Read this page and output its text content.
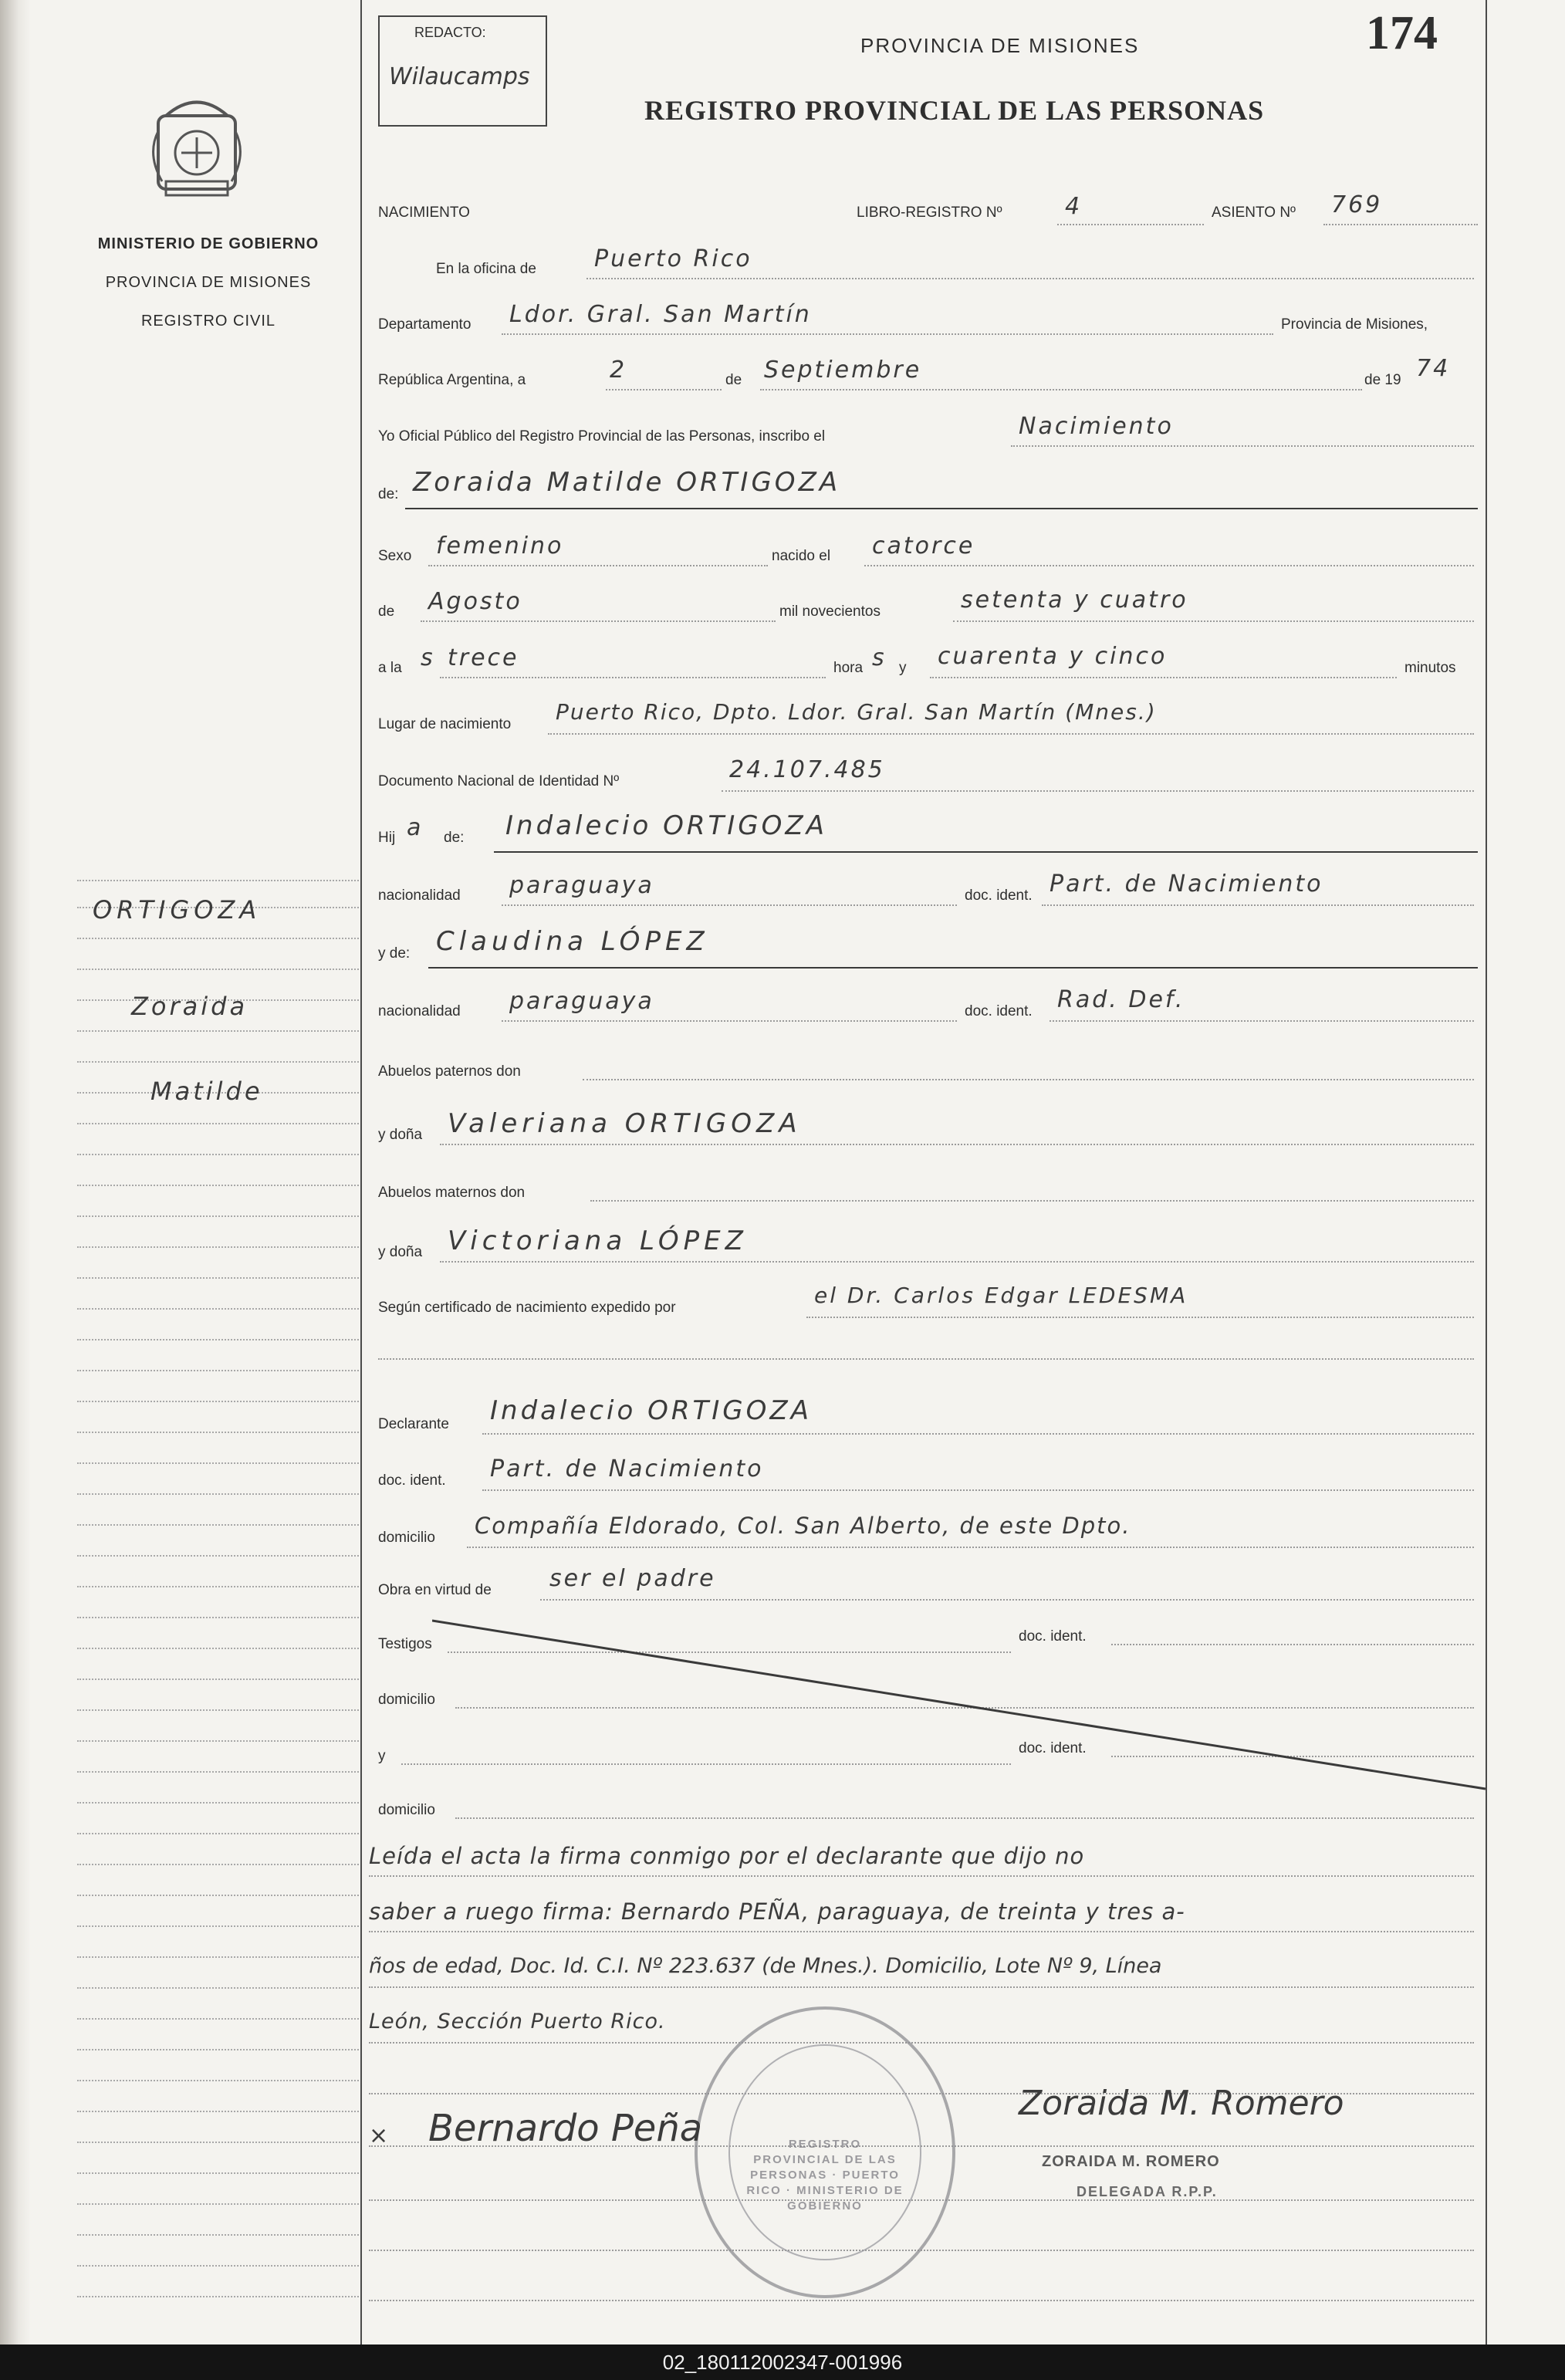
MINISTERIO DE GOBIERNO
PROVINCIA DE MISIONES
REGISTRO CIVIL
ORTIGOZA
Zoraida
Matilde
REDACTO:
Wilaucamps
PROVINCIA DE MISIONES
REGISTRO PROVINCIAL DE LAS PERSONAS
174
NACIMIENTO	LIBRO-REGISTRO Nº	4	ASIENTO Nº 769
En la oficina de	Puerto Rico
Departamento Ldor. Gral. San Martín	Provincia de Misiones,
República Argentina, a	2	de Septiembre	de 19 74
Yo Oficial Público del Registro Provincial de las Personas, inscribo el	Nacimiento
de: Zoraida Matilde ORTIGOZA
Sexo femenino	nacido el catorce
de Agosto	mil novecientos	setenta y cuatro
a la s trece	hora s y cuarenta y cinco	minutos
Lugar de nacimiento Puerto Rico, Dpto. Ldor. Gral. San Martín (Mnes.)
Documento Nacional de Identidad Nº	24.107.485
Hij a de: Indalecio ORTIGOZA
nacionalidad paraguaya	doc. ident. Part. de Nacimiento
y de: Claudina LÓPEZ
nacionalidad paraguaya	doc. ident. Rad. Def.
Abuelos paternos don
y doña Valeriana ORTIGOZA
Abuelos maternos don
y doña Victoriana LÓPEZ
Según certificado de nacimiento expedido por	el Dr. Carlos Edgar LEDESMA
Declarante Indalecio ORTIGOZA
doc. ident. Part. de Nacimiento
domicilio Compañía Eldorado, Col. San Alberto, de este Dpto.
Obra en virtud de	ser el padre
Testigos	doc. ident.
domicilio
y	doc. ident.
domicilio
Leída el acta la firma conmigo por el declarante que dijo no
saber a ruego firma: Bernardo PEÑA, paraguaya, de treinta y tres a-
ños de edad, Doc. Id. C.I. Nº 223.637 (de Mnes.). Domicilio, Lote Nº 9, Línea
León, Sección Puerto Rico.
REGISTRO PROVINCIAL DE LAS PERSONAS · PUERTO RICO · MINISTERIO DE GOBIERNO
× Bernardo Peña
Zoraida M. Romero
ZORAIDA M. ROMERO
DELEGADA R.P.P.
02_180112002347-001996
